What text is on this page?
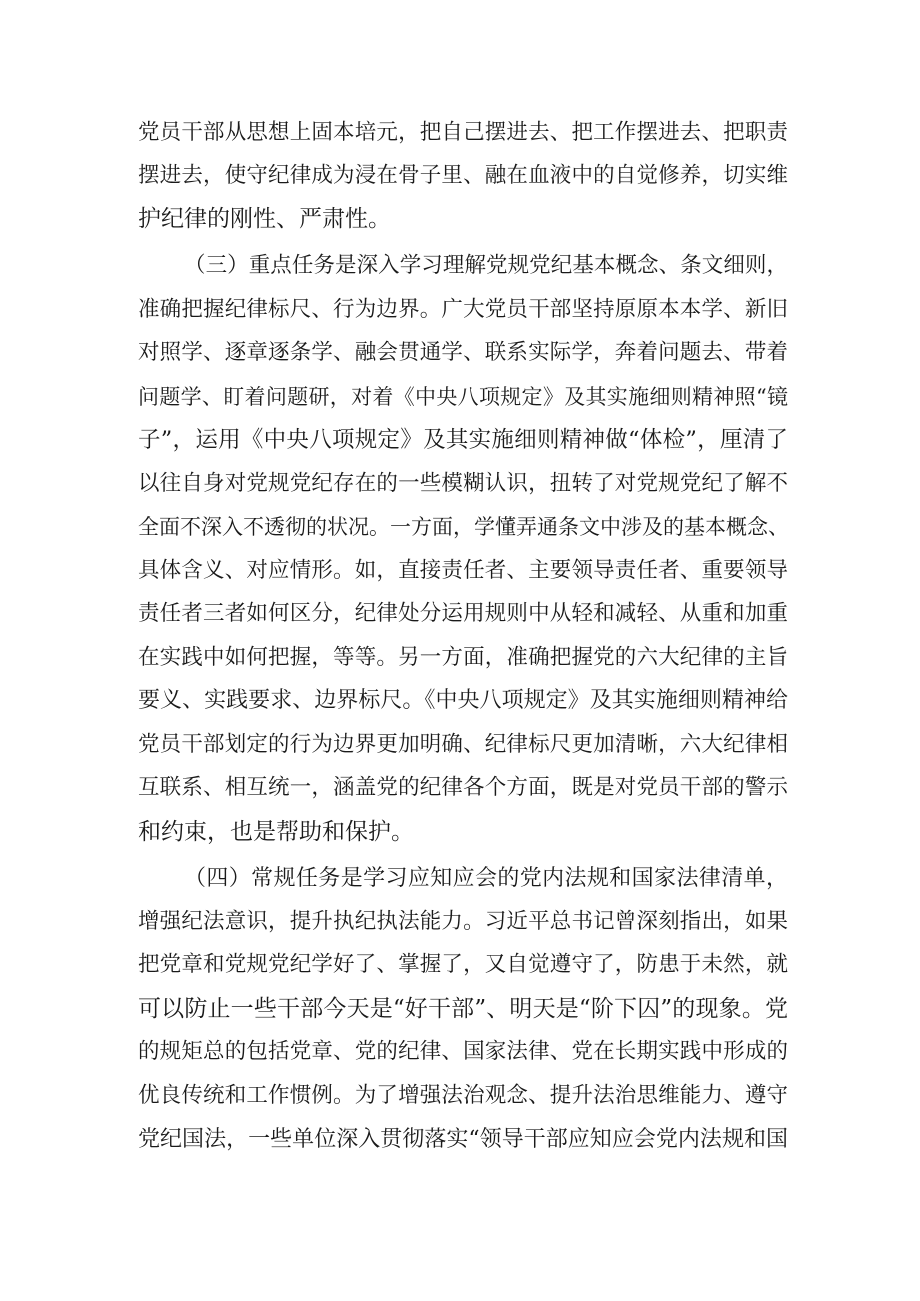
党员干部从思想上固本培元，把自己摆进去、把工作摆进去、把职责
摆进去，使守纪律成为浸在骨子里、融在血液中的自觉修养，切实维
护纪律的刚性、严肃性。
（三）重点任务是深入学习理解党规党纪基本概念、条文细则，
准确把握纪律标尺、行为边界。广大党员干部坚持原原本本学、新旧
对照学、逐章逐条学、融会贯通学、联系实际学，奔着问题去、带着
问题学、盯着问题研，对着《中央八项规定》及其实施细则精神照“镜
子”，运用《中央八项规定》及其实施细则精神做“体检”，厘清了
以往自身对党规党纪存在的一些模糊认识，扭转了对党规党纪了解不
全面不深入不透彻的状况。一方面，学懂弄通条文中涉及的基本概念、
具体含义、对应情形。如，直接责任者、主要领导责任者、重要领导
责任者三者如何区分，纪律处分运用规则中从轻和减轻、从重和加重
在实践中如何把握，等等。另一方面，准确把握党的六大纪律的主旨
要义、实践要求、边界标尺。《中央八项规定》及其实施细则精神给
党员干部划定的行为边界更加明确、纪律标尺更加清晰，六大纪律相
互联系、相互统一，涵盖党的纪律各个方面，既是对党员干部的警示
和约束，也是帮助和保护。
（四）常规任务是学习应知应会的党内法规和国家法律清单，
增强纪法意识，提升执纪执法能力。习近平总书记曾深刻指出，如果
把党章和党规党纪学好了、掌握了，又自觉遵守了，防患于未然，就
可以防止一些干部今天是“好干部”、明天是“阶下囚”的现象。党
的规矩总的包括党章、党的纪律、国家法律、党在长期实践中形成的
优良传统和工作惯例。为了增强法治观念、提升法治思维能力、遵守
党纪国法，一些单位深入贯彻落实“领导干部应知应会党内法规和国
